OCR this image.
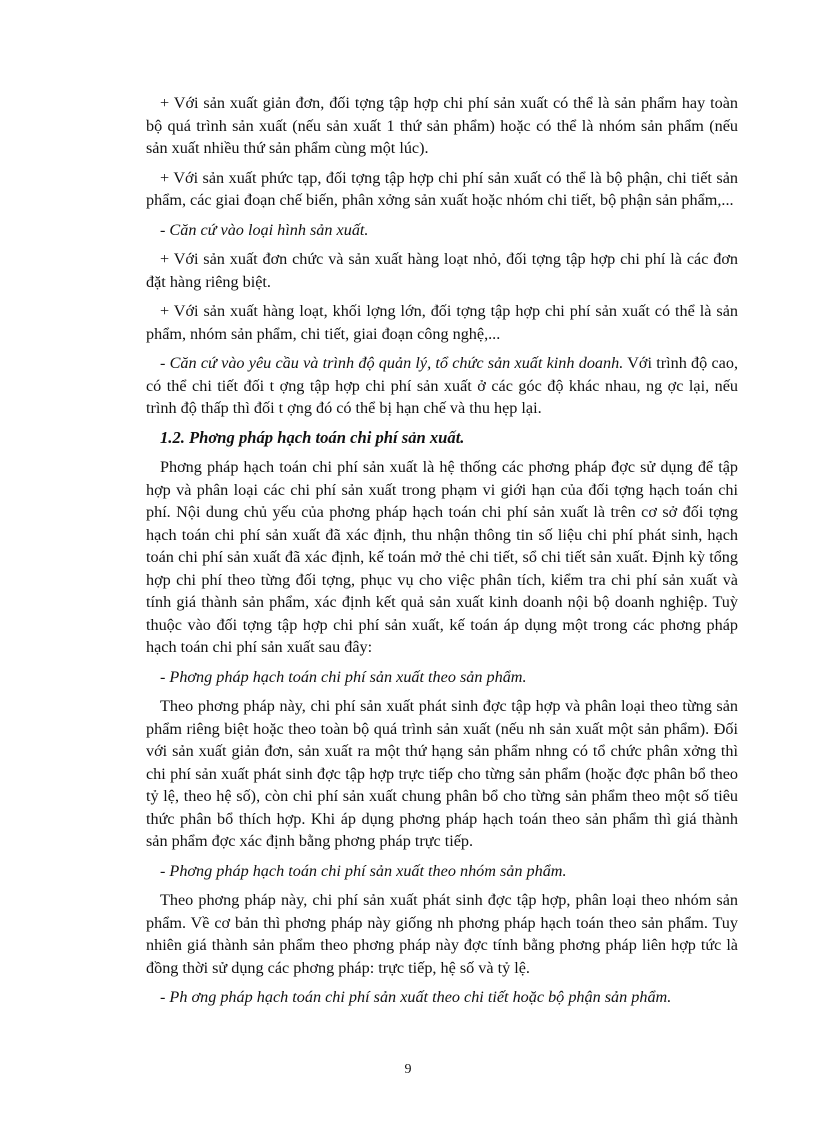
+ Với sản xuất giản đơn, đối tợng tập hợp chi phí sản xuất có thể là sản phẩm hay toàn bộ quá trình sản xuất (nếu sản xuất 1 thứ sản phẩm) hoặc có thể là nhóm sản phẩm (nếu sản xuất nhiều thứ sản phẩm cùng một lúc).

+ Với sản xuất phức tạp, đối tợng tập hợp chi phí sản xuất có thể là bộ phận, chi tiết sản phẩm, các giai đoạn chế biến, phân xởng sản xuất hoặc nhóm chi tiết, bộ phận sản phẩm,...

- Căn cứ vào loại hình sản xuất.

+ Với sản xuất đơn chức và sản xuất hàng loạt nhỏ, đối tợng tập hợp chi phí là các đơn đặt hàng riêng biệt.

+ Với sản xuất hàng loạt, khối lợng lớn, đối tợng tập hợp chi phí sản xuất có thể là sản phẩm, nhóm sản phẩm, chi tiết, giai đoạn công nghệ,...

- Căn cứ vào yêu cầu và trình độ quản lý, tổ chức sản xuất kinh doanh. Với trình độ cao, có thể chi tiết đối t ợng tập hợp chi phí sản xuất ở các góc độ khác nhau, ng ợc lại, nếu trình độ thấp thì đối t ợng đó có thể bị hạn chế và thu hẹp lại.

1.2. Phơng pháp hạch toán chi phí sản xuất.

Phơng pháp hạch toán chi phí sản xuất là hệ thống các phơng pháp đợc sử dụng để tập hợp và phân loại các chi phí sản xuất trong phạm vi giới hạn của đối tợng hạch toán chi phí. Nội dung chủ yếu của phơng pháp hạch toán chi phí sản xuất là trên cơ sở đối tợng hạch toán chi phí sản xuất đã xác định, thu nhận thông tin số liệu chi phí phát sinh, hạch toán chi phí sản xuất đã xác định, kế toán mở thẻ chi tiết, sổ chi tiết sản xuất. Định kỳ tổng hợp chi phí theo từng đối tợng, phục vụ cho việc phân tích, kiểm tra chi phí sản xuất và tính giá thành sản phẩm, xác định kết quả sản xuất kinh doanh nội bộ doanh nghiệp. Tuỳ thuộc vào đối tợng tập hợp chi phí sản xuất, kế toán áp dụng một trong các phơng pháp hạch toán chi phí sản xuất sau đây:

- Phơng pháp hạch toán chi phí sản xuất theo sản phẩm.

Theo phơng pháp này, chi phí sản xuất phát sinh đợc tập hợp và phân loại theo từng sản phẩm riêng biệt hoặc theo toàn bộ quá trình sản xuất (nếu nh sản xuất một sản phẩm). Đối với sản xuất giản đơn, sản xuất ra một thứ hạng sản phẩm nhng có tổ chức phân xởng thì chi phí sản xuất phát sinh đợc tập hợp trực tiếp cho từng sản phẩm (hoặc đợc phân bổ theo tỷ lệ, theo hệ số), còn chi phí sản xuất chung phân bổ cho từng sản phẩm theo một số tiêu thức phân bổ thích hợp. Khi áp dụng phơng pháp hạch toán theo sản phẩm thì giá thành sản phẩm đợc xác định bằng phơng pháp trực tiếp.

- Phơng pháp hạch toán chi phí sản xuất theo nhóm sản phẩm.

Theo phơng pháp này, chi phí sản xuất phát sinh đợc tập hợp, phân loại theo nhóm sản phẩm. Về cơ bản thì phơng pháp này giống nh phơng pháp hạch toán theo sản phẩm. Tuy nhiên giá thành sản phẩm theo phơng pháp này đợc tính bằng phơng pháp liên hợp tức là đồng thời sử dụng các phơng pháp: trực tiếp, hệ số và tỷ lệ.

- Ph ơng pháp hạch toán chi phí sản xuất theo chi tiết hoặc bộ phận sản phẩm.

9
